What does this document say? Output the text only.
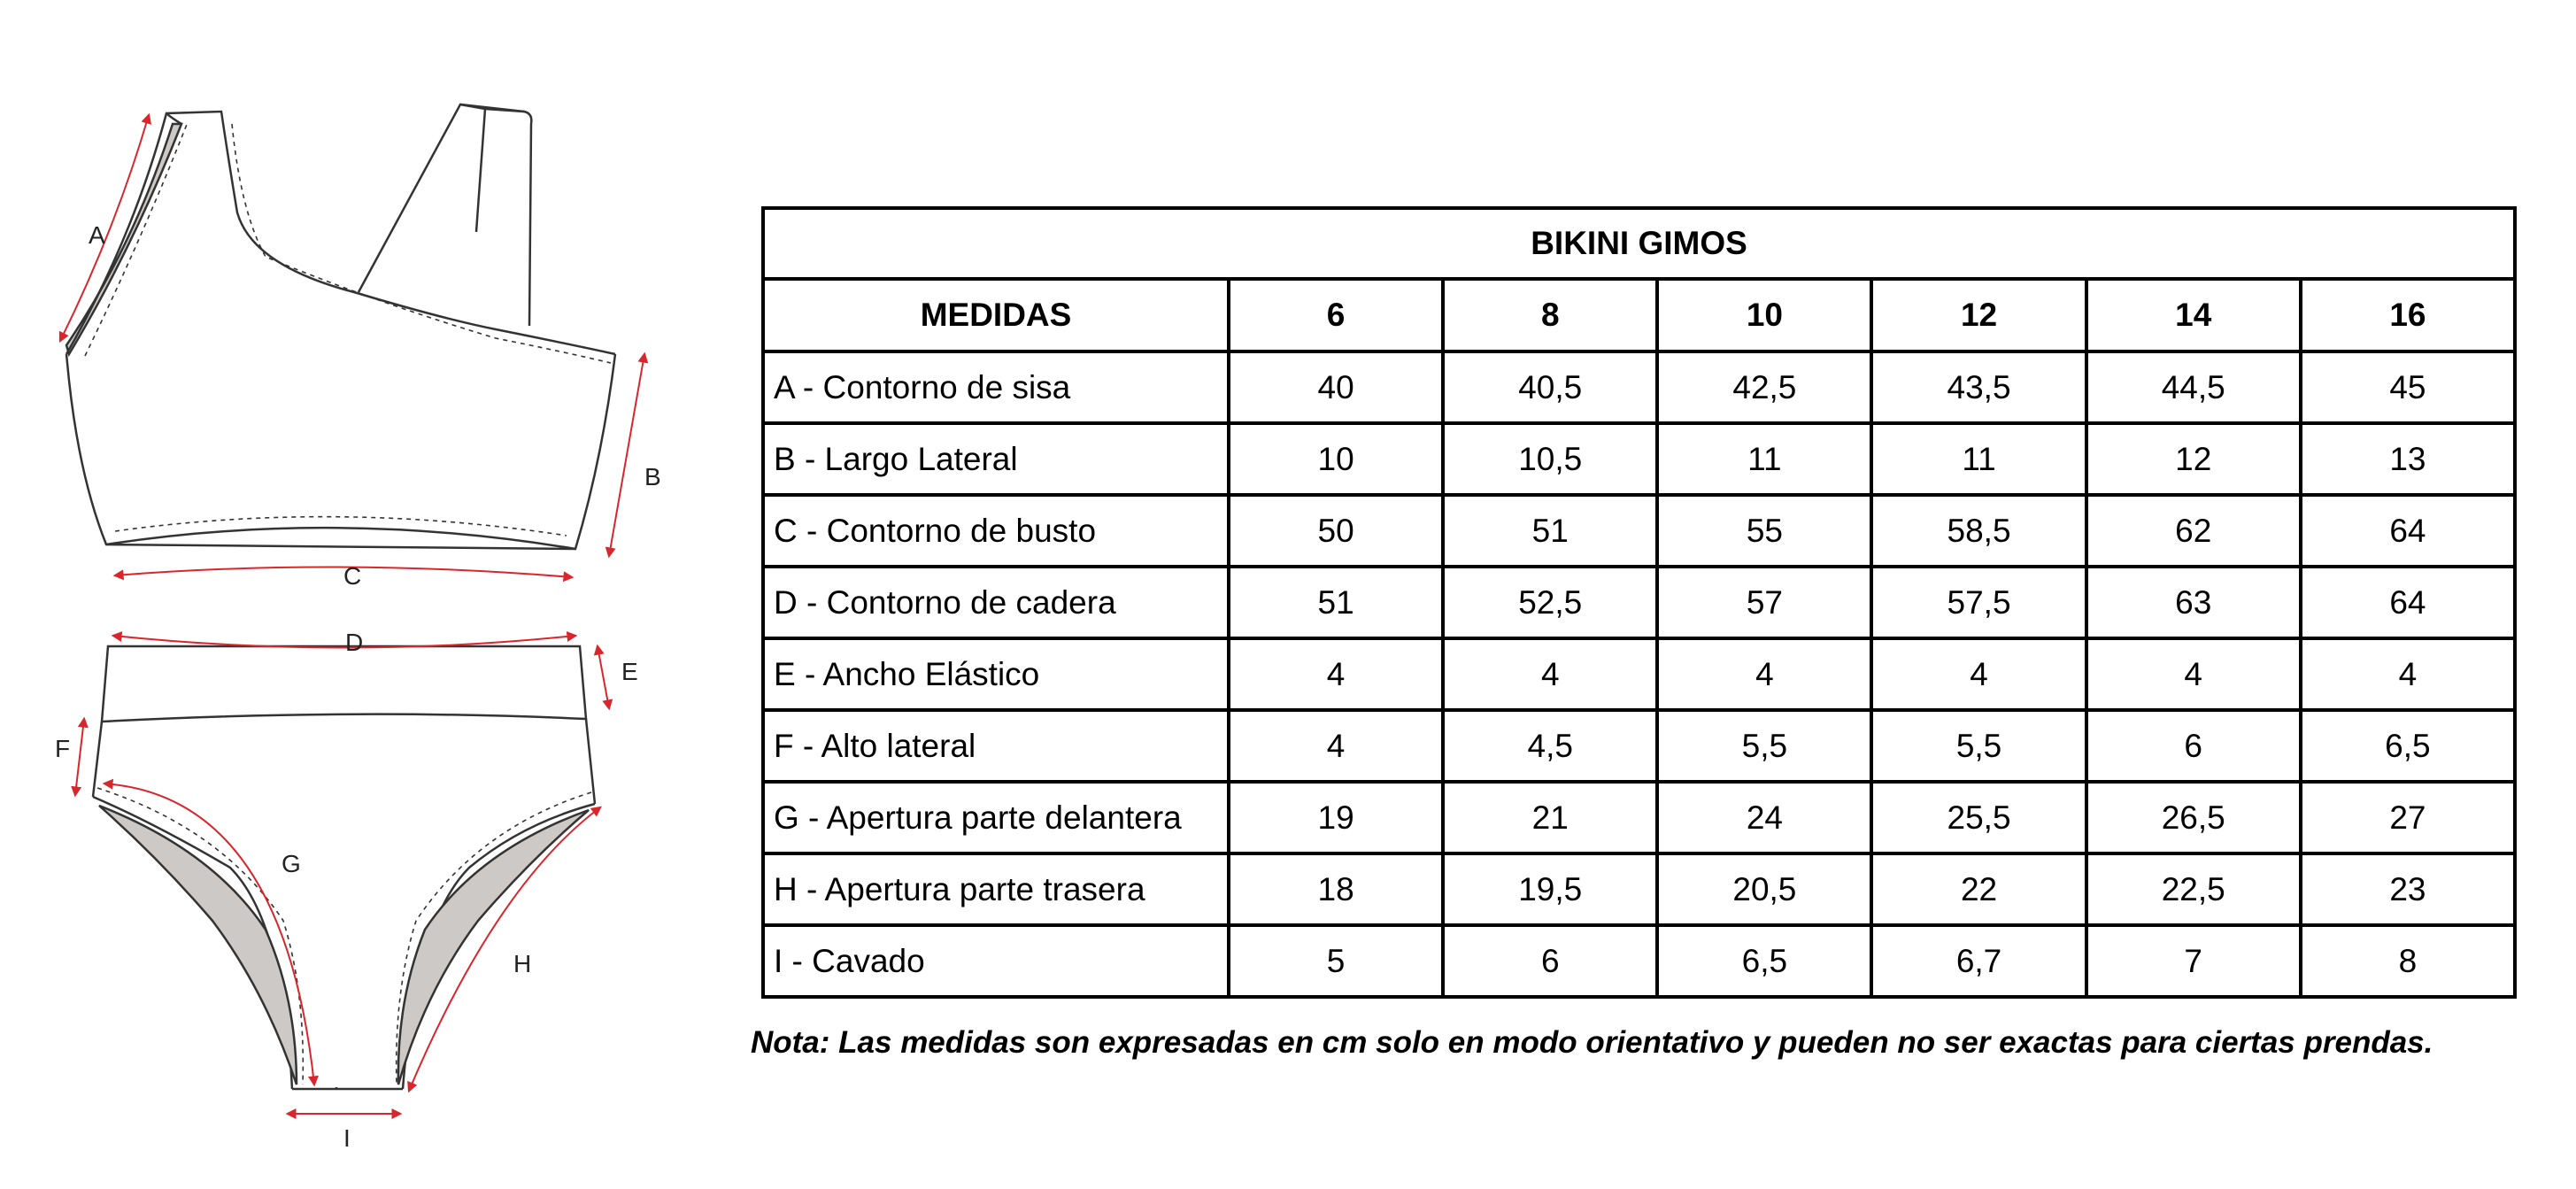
A
B
C
D
E
F
G
H
I
BIKINI GIMOS						
MEDIDAS	6	8	10	12	14	16
A - Contorno de sisa	40	40,5	42,5	43,5	44,5	45
B - Largo Lateral	10	10,5	11	11	12	13
C - Contorno de busto	50	51	55	58,5	62	64
D - Contorno de cadera	51	52,5	57	57,5	63	64
E - Ancho Elástico	4	4	4	4	4	4
F - Alto lateral	4	4,5	5,5	5,5	6	6,5
G - Apertura parte delantera	19	21	24	25,5	26,5	27
H - Apertura parte trasera	18	19,5	20,5	22	22,5	23
I - Cavado	5	6	6,5	6,7	7	8
Nota: Las medidas son expresadas en cm solo en modo orientativo y pueden no ser exactas para ciertas prendas.
